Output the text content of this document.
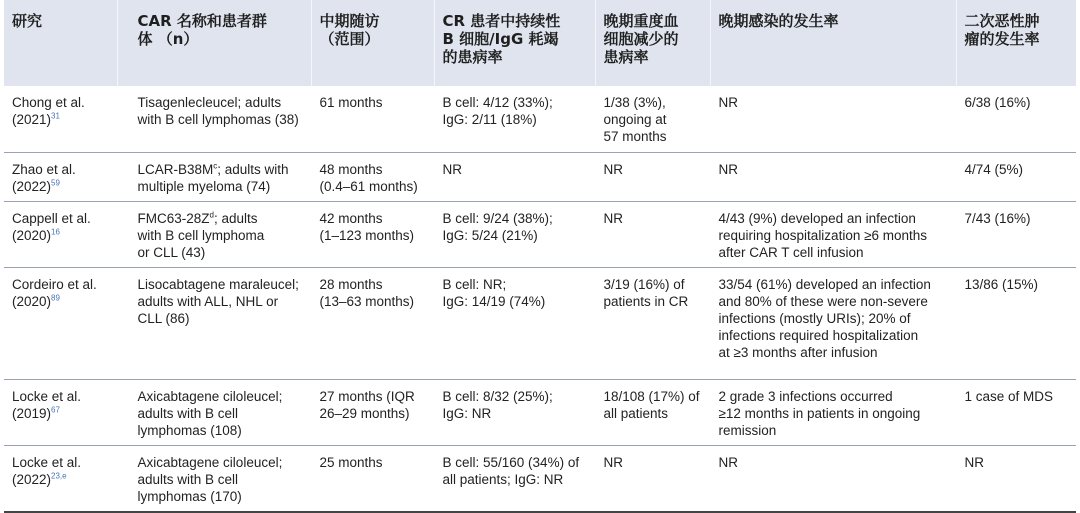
研究	CAR 名称和患者群
体 （n）	中期随访
（范围）	CR 患者中持续性
B 细胞/IgG 耗竭
的患病率	晚期重度血
细胞减少的
患病率	晚期感染的发生率	二次恶性肿
瘤的发生率
Chong et al.
(2021)$^{31}$	Tisagenlecleucel; adults
with B cell lymphomas (38)	61 months	B cell: 4/12 (33%);
IgG: 2/11 (18%)	1/38 (3%),
ongoing at
57 months	NR	6/38 (16%)
Zhao et al.
(2022)$^{59}$	LCAR-$B38M^c$; adults with
multiple myeloma (74)	48 months
(0.4–61 months)	NR	NR	NR	4/74 (5%)
Cappell et al.
(2020)$^{16}$	$FMC63-28Z^d$; adults
with B cell lymphoma
or CLL (43)	42 months
(1–123 months)	B cell: 9/24 (38%);
IgG: 5/24 (21%)	NR	4/43 (9%) developed an infection
requiring hospitalization ≥6 months
after CAR T cell infusion	7/43 (16%)
Cordeiro et al.
(2020)$^{89}$	Lisocabtagene maraleucel;
adults with ALL, NHL or
CLL (86)	28 months
(13–63 months)	B cell: NR;
IgG: 14/19 (74%)	3/19 (16%) of
patients in CR	33/54 (61%) developed an infection
and 80% of these were non-severe
infections (mostly URIs); 20% of
infections required hospitalization
at ≥3 months after infusion	13/86 (15%)
Locke et al.
(2019)$^{67}$	Axicabtagene ciloleucel;
adults with B cell
lymphomas (108)	27 months (IQR
26–29 months)	B cell: 8/32 (25%);
IgG: NR	18/108 (17%) of
all patients	2 grade 3 infections occurred
≥12 months in patients in ongoing
remission	1 case of MDS
Locke et al.
(2022)$^{23,e}$	Axicabtagene ciloleucel;
adults with B cell
lymphomas (170)	25 months	B cell: 55/160 (34%) of
all patients; IgG: NR	NR	NR	NR
